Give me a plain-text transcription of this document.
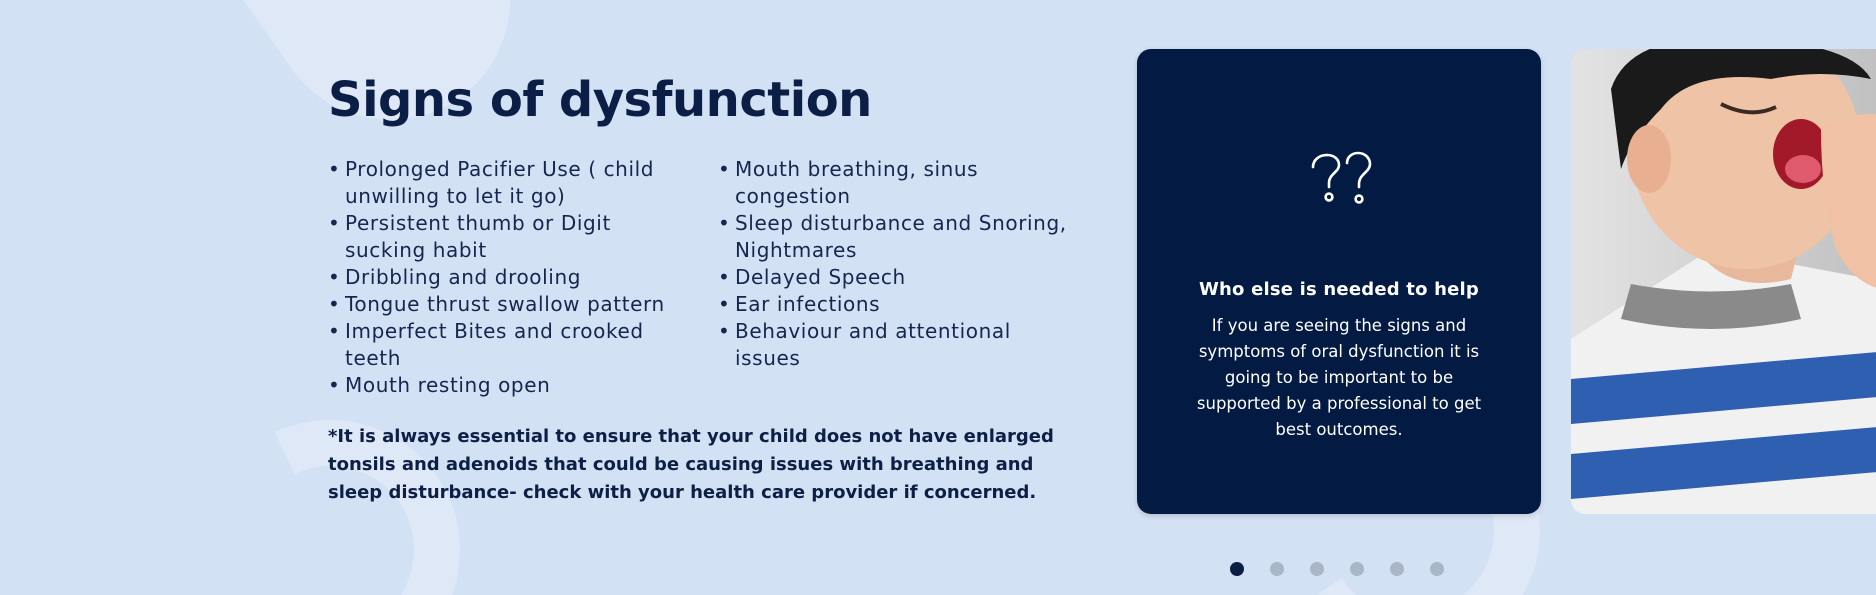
Signs of dysfunction
• Prolonged Pacifier Use ( child unwilling to let it go)
• Persistent thumb or Digit sucking habit
• Dribbling and drooling
• Tongue thrust swallow pattern
• Imperfect Bites and crooked teeth
• Mouth resting open
• Mouth breathing, sinus congestion
• Sleep disturbance and Snoring, Nightmares
• Delayed Speech
• Ear infections
• Behaviour and attentional issues

*It is always essential to ensure that your child does not have enlarged tonsils and adenoids that could be causing issues with breathing and sleep disturbance- check with your health care provider if concerned.

Who else is needed to help

If you are seeing the signs and symptoms of oral dysfunction it is going to be important to be supported by a professional to get best outcomes.
